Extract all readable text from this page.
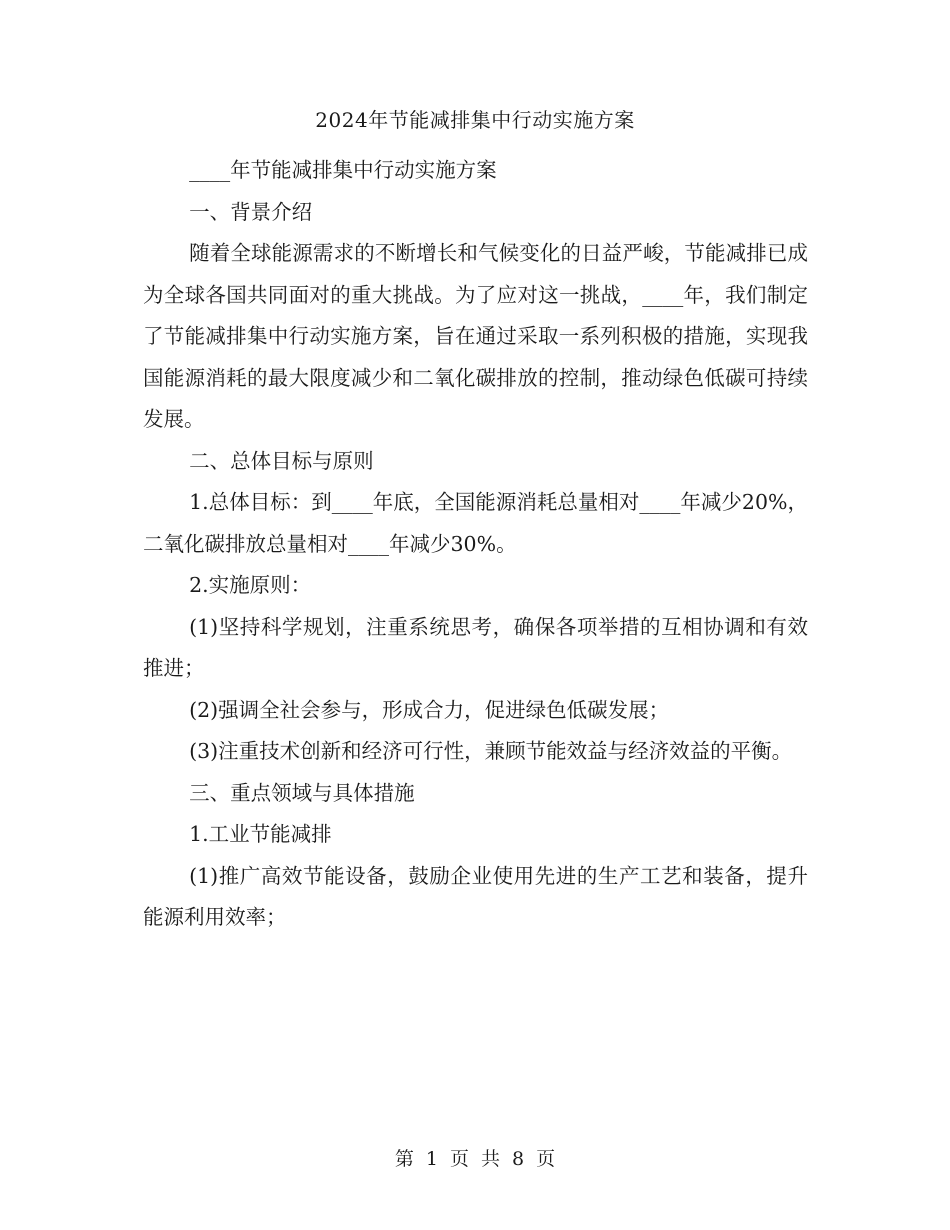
2024年节能减排集中行动实施方案

____年节能减排集中行动实施方案

一、背景介绍

随着全球能源需求的不断增长和气候变化的日益严峻，节能减排已成为全球各国共同面对的重大挑战。为了应对这一挑战，____年，我们制定了节能减排集中行动实施方案，旨在通过采取一系列积极的措施，实现我国能源消耗的最大限度减少和二氧化碳排放的控制，推动绿色低碳可持续发展。

二、总体目标与原则

1.总体目标：到____年底，全国能源消耗总量相对____年减少20%，二氧化碳排放总量相对____年减少30%。

2.实施原则：

(1)坚持科学规划，注重系统思考，确保各项举措的互相协调和有效推进；

(2)强调全社会参与，形成合力，促进绿色低碳发展；

(3)注重技术创新和经济可行性，兼顾节能效益与经济效益的平衡。

三、重点领域与具体措施

1.工业节能减排

(1)推广高效节能设备，鼓励企业使用先进的生产工艺和装备，提升能源利用效率；

第 1 页 共 8 页
